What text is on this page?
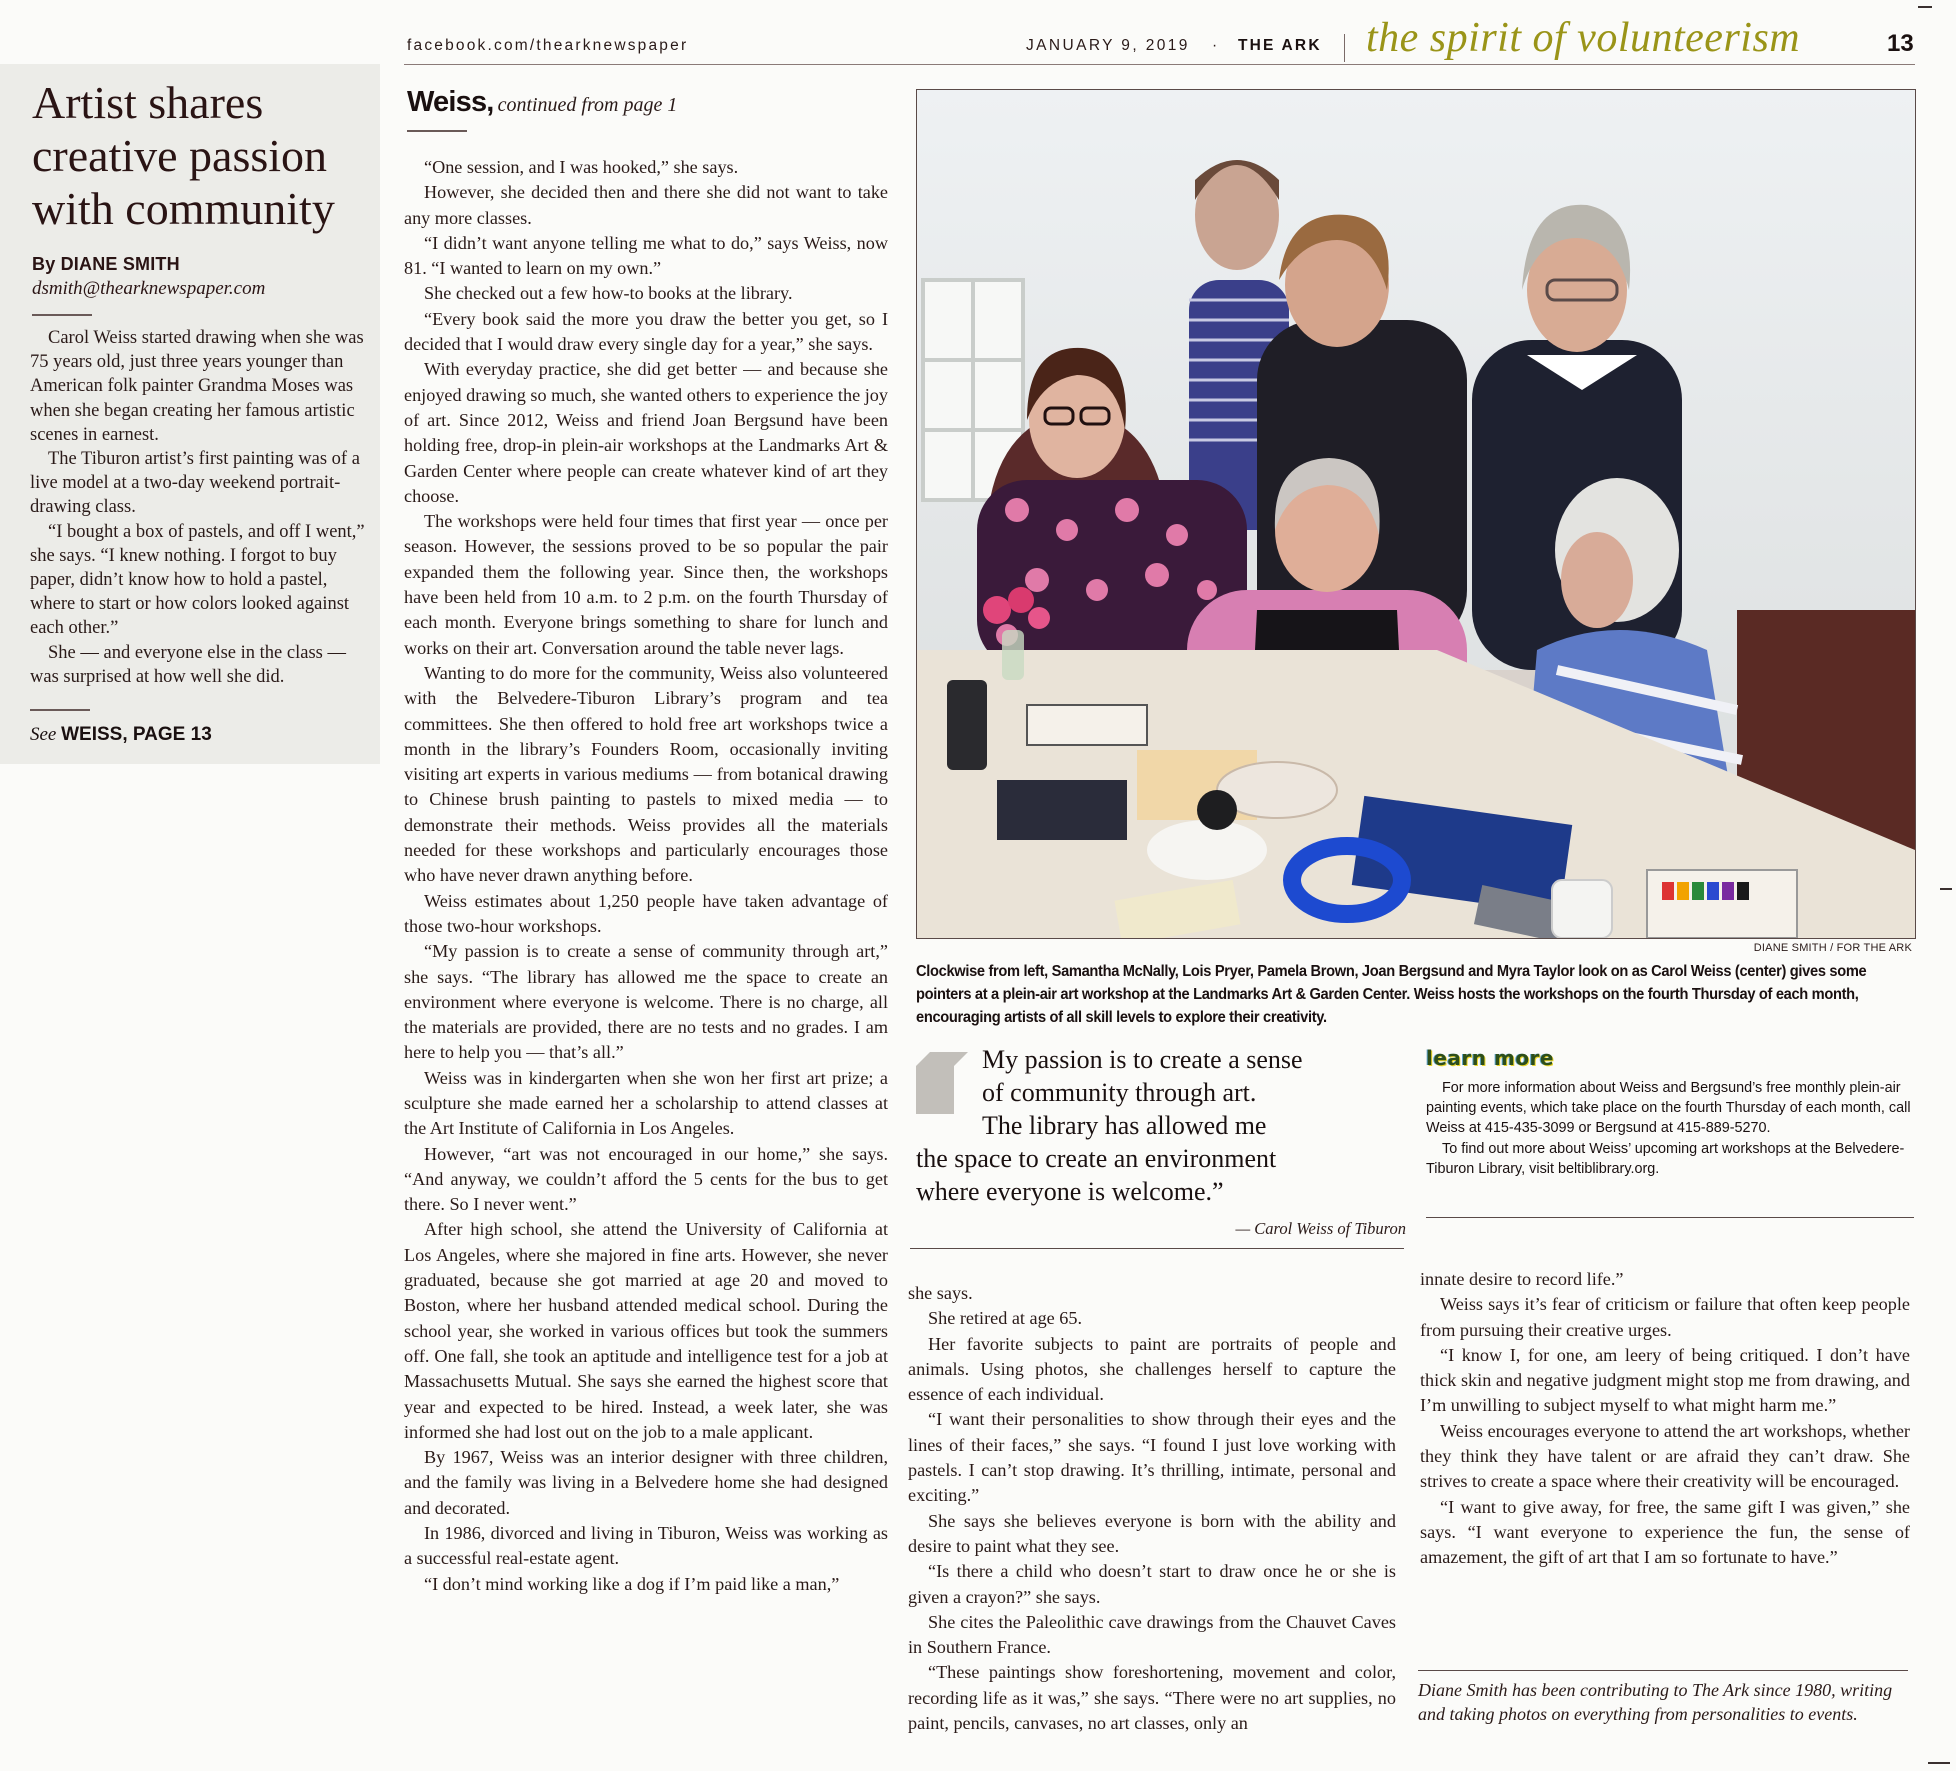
Artist shares creative passion with community
By DIANE SMITH
dsmith@thearknewspaper.com

Carol Weiss started drawing when she was 75 years old, just three years younger than American folk painter Grandma Moses was when she began creating her famous artistic scenes in earnest.

The Tiburon artist’s first painting was of a live model at a two-day weekend portrait-drawing class.

“I bought a box of pastels, and off I went,” she says. “I knew nothing. I forgot to buy paper, didn’t know how to hold a pastel, where to start or how colors looked against each other.”

She — and everyone else in the class — was surprised at how well she did.

See WEISS, PAGE 13
facebook.com/thearknewspaper	JANUARY 9, 2019 · THE ARK the spirit of volunteerism	13
Weiss, continued from page 1

“One session, and I was hooked,” she says.

However, she decided then and there she did not want to take any more classes.

“I didn’t want anyone telling me what to do,” says Weiss, now 81. “I wanted to learn on my own.”

She checked out a few how-to books at the library.

“Every book said the more you draw the better you get, so I decided that I would draw every single day for a year,” she says.

With everyday practice, she did get better — and because she enjoyed drawing so much, she wanted others to experience the joy of art. Since 2012, Weiss and friend Joan Bergsund have been holding free, drop-in plein-air workshops at the Landmarks Art & Garden Center where people can create whatever kind of art they choose.

The workshops were held four times that first year — once per season. However, the sessions proved to be so popular the pair expanded them the following year. Since then, the workshops have been held from 10 a.m. to 2 p.m. on the fourth Thursday of each month. Everyone brings something to share for lunch and works on their art. Conversation around the table never lags.

Wanting to do more for the community, Weiss also volunteered with the Belvedere-Tiburon Library’s program and tea committees. She then offered to hold free art workshops twice a month in the library’s Founders Room, occasionally inviting visiting art experts in various mediums — from botanical drawing to Chinese brush painting to pastels to mixed media — to demonstrate their methods. Weiss provides all the materials needed for these workshops and particularly encourages those who have never drawn anything before.

Weiss estimates about 1,250 people have taken advantage of those two-hour workshops.

“My passion is to create a sense of community through art,” she says. “The library has allowed me the space to create an environment where everyone is welcome. There is no charge, all the materials are provided, there are no tests and no grades. I am here to help you — that’s all.”

Weiss was in kindergarten when she won her first art prize; a sculpture she made earned her a scholarship to attend classes at the Art Institute of California in Los Angeles.

However, “art was not encouraged in our home,” she says. “And anyway, we couldn’t afford the 5 cents for the bus to get there. So I never went.”

After high school, she attend the University of California at Los Angeles, where she majored in fine arts. However, she never graduated, because she got married at age 20 and moved to Boston, where her husband attended medical school. During the school year, she worked in various offices but took the summers off. One fall, she took an aptitude and intelligence test for a job at Massachusetts Mutual. She says she earned the highest score that year and expected to be hired. Instead, a week later, she was informed she had lost out on the job to a male applicant.

By 1967, Weiss was an interior designer with three children, and the family was living in a Belvedere home she had designed and decorated.

In 1986, divorced and living in Tiburon, Weiss was working as a successful real-estate agent.

“I don’t mind working like a dog if I’m paid like a man,”

DIANE SMITH / FOR THE ARK
Clockwise from left, Samantha McNally, Lois Pryer, Pamela Brown, Joan Bergsund and Myra Taylor look on as Carol Weiss (center) gives some pointers at a plein-air art workshop at the Landmarks Art & Garden Center. Weiss hosts the workshops on the fourth Thursday of each month, encouraging artists of all skill levels to explore their creativity.
My passion is to create a sense
of community through art.
The library has allowed me
the space to create an environment
where everyone is welcome.”
— Carol Weiss of Tiburon
learn more

For more information about Weiss and Bergsund’s free monthly plein-air painting events, which take place on the fourth Thursday of each month, call Weiss at 415-435-3099 or Bergsund at 415-889-5270.

To find out more about Weiss’ upcoming art workshops at the Belvedere-Tiburon Library, visit beltiblibrary.org.

she says.

She retired at age 65.

Her favorite subjects to paint are portraits of people and animals. Using photos, she challenges herself to capture the essence of each individual.

“I want their personalities to show through their eyes and the lines of their faces,” she says. “I found I just love working with pastels. I can’t stop drawing. It’s thrilling, intimate, personal and exciting.”

She says she believes everyone is born with the ability and desire to paint what they see.

“Is there a child who doesn’t start to draw once he or she is given a crayon?” she says.

She cites the Paleolithic cave drawings from the Chauvet Caves in Southern France.

“These paintings show foreshortening, movement and color, recording life as it was,” she says. “There were no art supplies, no paint, pencils, canvases, no art classes, only an

innate desire to record life.”

Weiss says it’s fear of criticism or failure that often keep people from pursuing their creative urges.

“I know I, for one, am leery of being critiqued. I don’t have thick skin and negative judgment might stop me from drawing, and I’m unwilling to subject myself to what might harm me.”

Weiss encourages everyone to attend the art workshops, whether they think they have talent or are afraid they can’t draw. She strives to create a space where their creativity will be encouraged.

“I want to give away, for free, the same gift I was given,” she says. “I want everyone to experience the fun, the sense of amazement, the gift of art that I am so fortunate to have.”

Diane Smith has been contributing to The Ark since 1980, writing and taking photos on everything from personalities to events.
